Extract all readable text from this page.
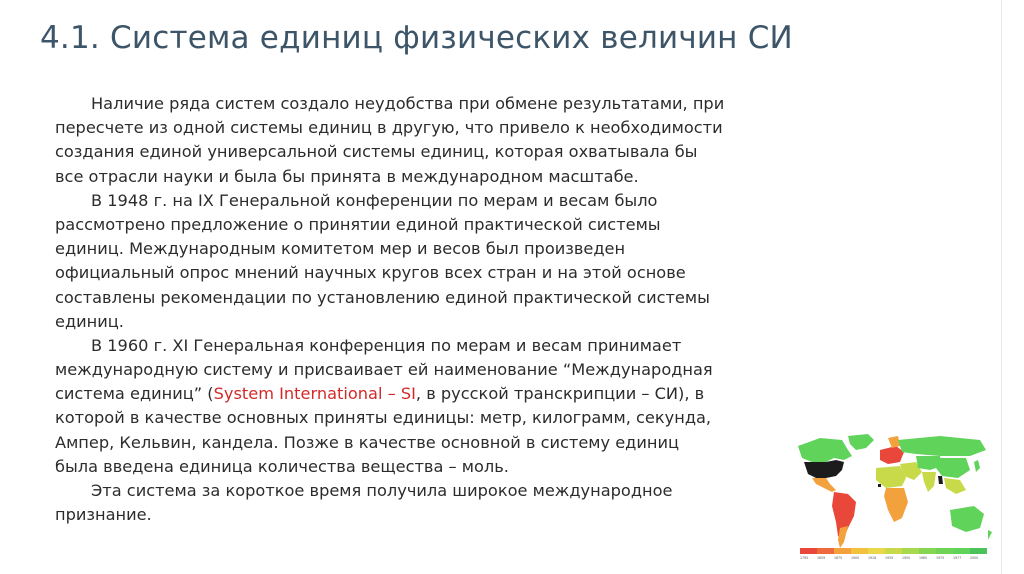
4.1. Система единиц физических величин СИ
Наличие ряда систем создало неудобства при обмене результатами, при
пересчете из одной системы единиц в другую, что привело к необходимости
создания единой универсальной системы единиц, которая охватывала бы
все отрасли науки и была бы принята в международном масштабе.
В 1948 г. на IX Генеральной конференции по мерам и весам было
рассмотрено предложение о принятии единой практической системы
единиц. Международным комитетом мер и весов был произведен
официальный опрос мнений научных кругов всех стран и на этой основе
составлены рекомендации по установлению единой практической системы
единиц.
В 1960 г. XI Генеральная конференция по мерам и весам принимает
международную систему и присваивает ей наименование “Международная
система единиц” (System International – SI, в русской транскрипции – СИ), в
которой в качестве основных приняты единицы: метр, килограмм, секунда,
Ампер, Кельвин, кандела. Позже в качестве основной в систему единиц
была введена единица количества вещества – моль.
Эта система за короткое время получила широкое международное
признание.
1795	1859	1875	1900	1918	1935	1950	1960	1970	1977	2000
